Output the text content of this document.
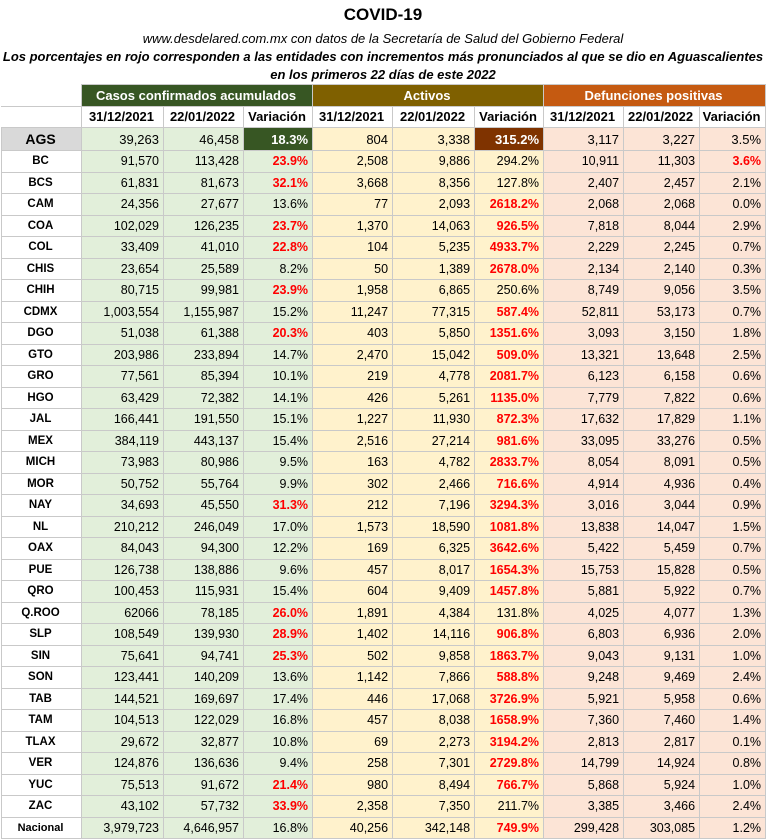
COVID-19
www.desdelared.com.mx con datos de la Secretaría de Salud del Gobierno Federal
Los porcentajes en rojo corresponden a las entidades con incrementos más pronunciados al que se dio en Aguascalientes en los primeros 22 días de este 2022
	Casos confirmados acumulados			Activos			Defunciones positivas		
	31/12/2021	22/01/2022	Variación	31/12/2021	22/01/2022	Variación	31/12/2021	22/01/2022	Variación
AGS	39,263	46,458	18.3%	804	3,338	315.2%	3,117	3,227	3.5%
BC	91,570	113,428	23.9%	2,508	9,886	294.2%	10,911	11,303	3.6%
BCS	61,831	81,673	32.1%	3,668	8,356	127.8%	2,407	2,457	2.1%
CAM	24,356	27,677	13.6%	77	2,093	2618.2%	2,068	2,068	0.0%
COA	102,029	126,235	23.7%	1,370	14,063	926.5%	7,818	8,044	2.9%
COL	33,409	41,010	22.8%	104	5,235	4933.7%	2,229	2,245	0.7%
CHIS	23,654	25,589	8.2%	50	1,389	2678.0%	2,134	2,140	0.3%
CHIH	80,715	99,981	23.9%	1,958	6,865	250.6%	8,749	9,056	3.5%
CDMX	1,003,554	1,155,987	15.2%	11,247	77,315	587.4%	52,811	53,173	0.7%
DGO	51,038	61,388	20.3%	403	5,850	1351.6%	3,093	3,150	1.8%
GTO	203,986	233,894	14.7%	2,470	15,042	509.0%	13,321	13,648	2.5%
GRO	77,561	85,394	10.1%	219	4,778	2081.7%	6,123	6,158	0.6%
HGO	63,429	72,382	14.1%	426	5,261	1135.0%	7,779	7,822	0.6%
JAL	166,441	191,550	15.1%	1,227	11,930	872.3%	17,632	17,829	1.1%
MEX	384,119	443,137	15.4%	2,516	27,214	981.6%	33,095	33,276	0.5%
MICH	73,983	80,986	9.5%	163	4,782	2833.7%	8,054	8,091	0.5%
MOR	50,752	55,764	9.9%	302	2,466	716.6%	4,914	4,936	0.4%
NAY	34,693	45,550	31.3%	212	7,196	3294.3%	3,016	3,044	0.9%
NL	210,212	246,049	17.0%	1,573	18,590	1081.8%	13,838	14,047	1.5%
OAX	84,043	94,300	12.2%	169	6,325	3642.6%	5,422	5,459	0.7%
PUE	126,738	138,886	9.6%	457	8,017	1654.3%	15,753	15,828	0.5%
QRO	100,453	115,931	15.4%	604	9,409	1457.8%	5,881	5,922	0.7%
Q.ROO	62066	78,185	26.0%	1,891	4,384	131.8%	4,025	4,077	1.3%
SLP	108,549	139,930	28.9%	1,402	14,116	906.8%	6,803	6,936	2.0%
SIN	75,641	94,741	25.3%	502	9,858	1863.7%	9,043	9,131	1.0%
SON	123,441	140,209	13.6%	1,142	7,866	588.8%	9,248	9,469	2.4%
TAB	144,521	169,697	17.4%	446	17,068	3726.9%	5,921	5,958	0.6%
TAM	104,513	122,029	16.8%	457	8,038	1658.9%	7,360	7,460	1.4%
TLAX	29,672	32,877	10.8%	69	2,273	3194.2%	2,813	2,817	0.1%
VER	124,876	136,636	9.4%	258	7,301	2729.8%	14,799	14,924	0.8%
YUC	75,513	91,672	21.4%	980	8,494	766.7%	5,868	5,924	1.0%
ZAC	43,102	57,732	33.9%	2,358	7,350	211.7%	3,385	3,466	2.4%
Nacional	3,979,723	4,646,957	16.8%	40,256	342,148	749.9%	299,428	303,085	1.2%
